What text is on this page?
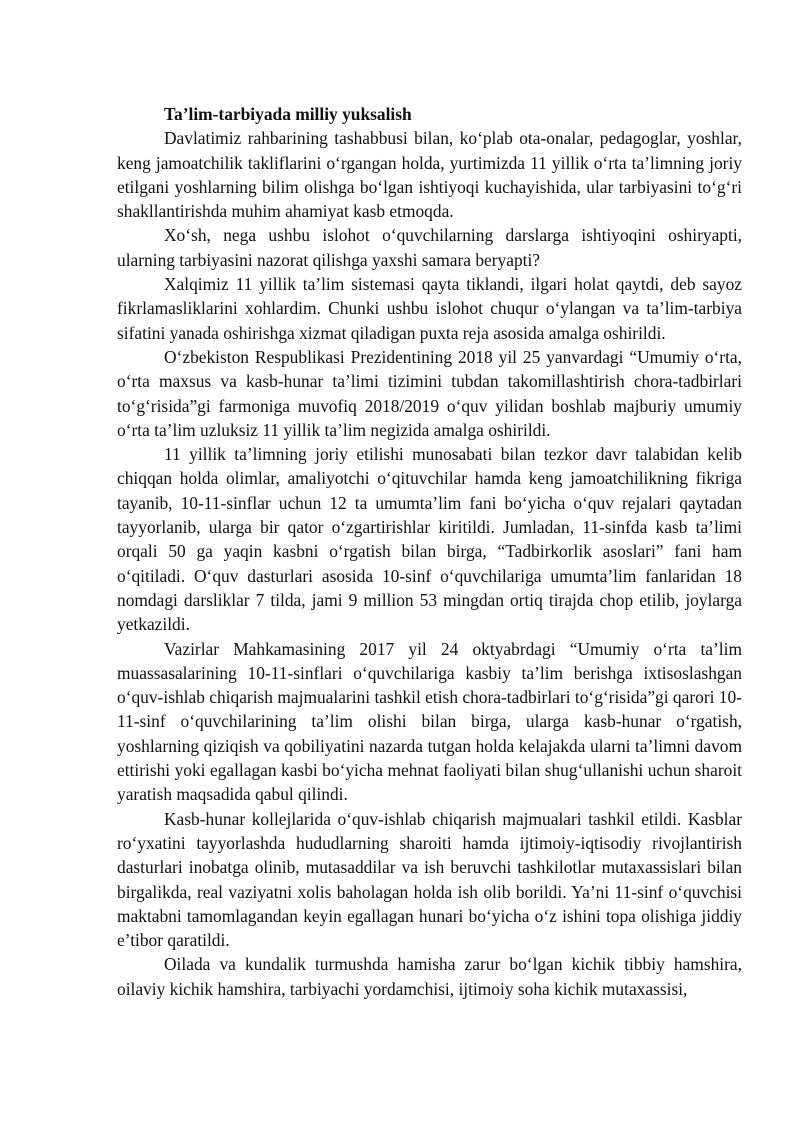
Ta’lim-tarbiyada milliy yuksalish

Davlatimiz rahbarining tashabbusi bilan, ko‘plab ota-onalar, pedagoglar, yoshlar, keng jamoatchilik takliflarini o‘rgangan holda, yurtimizda 11 yillik o‘rta ta’limning joriy etilgani yoshlarning bilim olishga bo‘lgan ishtiyoqi kuchayishida, ular tarbiyasini to‘g‘ri shakllantirishda muhim ahamiyat kasb etmoqda.

Xo‘sh, nega ushbu islohot o‘quvchilarning darslarga ishtiyoqini oshiryapti, ularning tarbiyasini nazorat qilishga yaxshi samara beryapti?

Xalqimiz 11 yillik ta’lim sistemasi qayta tiklandi, ilgari holat qaytdi, deb sayoz fikrlamasliklarini xohlardim. Chunki ushbu islohot chuqur o‘ylangan va ta’lim-tarbiya sifatini yanada oshirishga xizmat qiladigan puxta reja asosida amalga oshirildi.

O‘zbekiston Respublikasi Prezidentining 2018 yil 25 yanvardagi “Umumiy o‘rta, o‘rta maxsus va kasb-hunar ta’limi tizimini tubdan takomillashtirish chora-tadbirlari to‘g‘risida”gi farmoniga muvofiq 2018/2019 o‘quv yilidan boshlab majburiy umumiy o‘rta ta’lim uzluksiz 11 yillik ta’lim negizida amalga oshirildi.

11 yillik ta’limning joriy etilishi munosabati bilan tezkor davr talabidan kelib chiqqan holda olimlar, amaliyotchi o‘qituvchilar hamda keng jamoatchilikning fikriga tayanib, 10-11-sinflar uchun 12 ta umumta’lim fani bo‘yicha o‘quv rejalari qaytadan tayyorlanib, ularga bir qator o‘zgartirishlar kiritildi. Jumladan, 11-sinfda kasb ta’limi orqali 50 ga yaqin kasbni o‘rgatish bilan birga, “Tadbirkorlik asoslari” fani ham o‘qitiladi. O‘quv dasturlari asosida 10-sinf o‘quvchilariga umumta’lim fanlaridan 18 nomdagi darsliklar 7 tilda, jami 9 million 53 mingdan ortiq tirajda chop etilib, joylarga yetkazildi.

Vazirlar Mahkamasining 2017 yil 24 oktyabrdagi “Umumiy o‘rta ta’lim muassasalarining 10-11-sinflari o‘quvchilariga kasbiy ta’lim berishga ixtisoslashgan o‘quv-ishlab chiqarish majmualarini tashkil etish chora-tadbirlari to‘g‘risida”gi qarori 10-11-sinf o‘quvchilarining ta’lim olishi bilan birga, ularga kasb-hunar o‘rgatish, yoshlarning qiziqish va qobiliyatini nazarda tutgan holda kelajakda ularni ta’limni davom ettirishi yoki egallagan kasbi bo‘yicha mehnat faoliyati bilan shug‘ullanishi uchun sharoit yaratish maqsadida qabul qilindi.

Kasb-hunar kollejlarida o‘quv-ishlab chiqarish majmualari tashkil etildi. Kasblar ro‘yxatini tayyorlashda hududlarning sharoiti hamda ijtimoiy-iqtisodiy rivojlantirish dasturlari inobatga olinib, mutasaddilar va ish beruvchi tashkilotlar mutaxassislari bilan birgalikda, real vaziyatni xolis baholagan holda ish olib borildi. Ya’ni 11-sinf o‘quvchisi maktabni tamomlagandan keyin egallagan hunari bo‘yicha o‘z ishini topa olishiga jiddiy e’tibor qaratildi.

Oilada va kundalik turmushda hamisha zarur bo‘lgan kichik tibbiy hamshira, oilaviy kichik hamshira, tarbiyachi yordamchisi, ijtimoiy soha kichik mutaxassisi,
